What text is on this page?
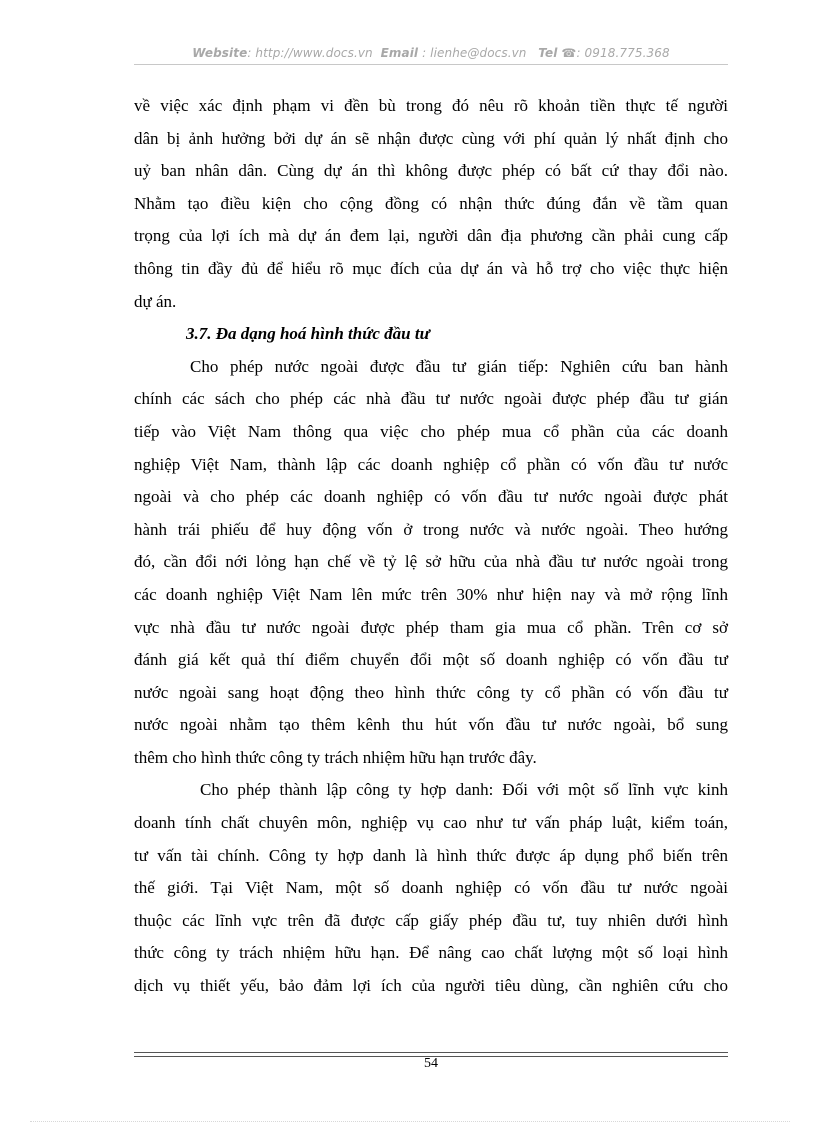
Website: http://www.docs.vn Email : lienhe@docs.vn Tel ☎: 0918.775.368

về việc xác định phạm vi đền bù trong đó nêu rõ khoản tiền thực tế người

dân bị ảnh hưởng bởi dự án sẽ nhận được cùng với phí quản lý nhất định cho

uỷ ban nhân dân. Cùng dự án thì không được phép có bất cứ thay đổi nào.

Nhằm tạo điều kiện cho cộng đồng có nhận thức đúng đắn về tầm quan

trọng của lợi ích mà dự án đem lại, người dân địa phương cần phải cung cấp

thông tin đầy đủ để hiểu rõ mục đích của dự án và hỗ trợ cho việc thực hiện

dự án.

3.7. Đa dạng hoá hình thức đầu tư

Cho phép nước ngoài được đầu tư gián tiếp: Nghiên cứu ban hành

chính các sách cho phép các nhà đầu tư nước ngoài được phép đầu tư gián

tiếp vào Việt Nam thông qua việc cho phép mua cổ phần của các doanh

nghiệp Việt Nam, thành lập các doanh nghiệp cổ phần có vốn đầu tư nước

ngoài và cho phép các doanh nghiệp có vốn đầu tư nước ngoài được phát

hành trái phiếu để huy động vốn ở trong nước và nước ngoài. Theo hướng

đó, cần đổi nới lỏng hạn chế về tỷ lệ sở hữu của nhà đầu tư nước ngoài trong

các doanh nghiệp Việt Nam lên mức trên 30% như hiện nay và mở rộng lĩnh

vực nhà đầu tư nước ngoài được phép tham gia mua cổ phần. Trên cơ sở

đánh giá kết quả thí điểm chuyển đổi một số doanh nghiệp có vốn đầu tư

nước ngoài sang hoạt động theo hình thức công ty cổ phần có vốn đầu tư

nước ngoài nhằm tạo thêm kênh thu hút vốn đầu tư nước ngoài, bổ sung

thêm cho hình thức công ty trách nhiệm hữu hạn trước đây.

Cho phép thành lập công ty hợp danh: Đối với một số lĩnh vực kinh

doanh tính chất chuyên môn, nghiệp vụ cao như tư vấn pháp luật, kiểm toán,

tư vấn tài chính. Công ty hợp danh là hình thức được áp dụng phổ biến trên

thế giới. Tại Việt Nam, một số doanh nghiệp có vốn đầu tư nước ngoài

thuộc các lĩnh vực trên đã được cấp giấy phép đầu tư, tuy nhiên dưới hình

thức công ty trách nhiệm hữu hạn. Để nâng cao chất lượng một số loại hình

dịch vụ thiết yếu, bảo đảm lợi ích của người tiêu dùng, cần nghiên cứu cho

54
